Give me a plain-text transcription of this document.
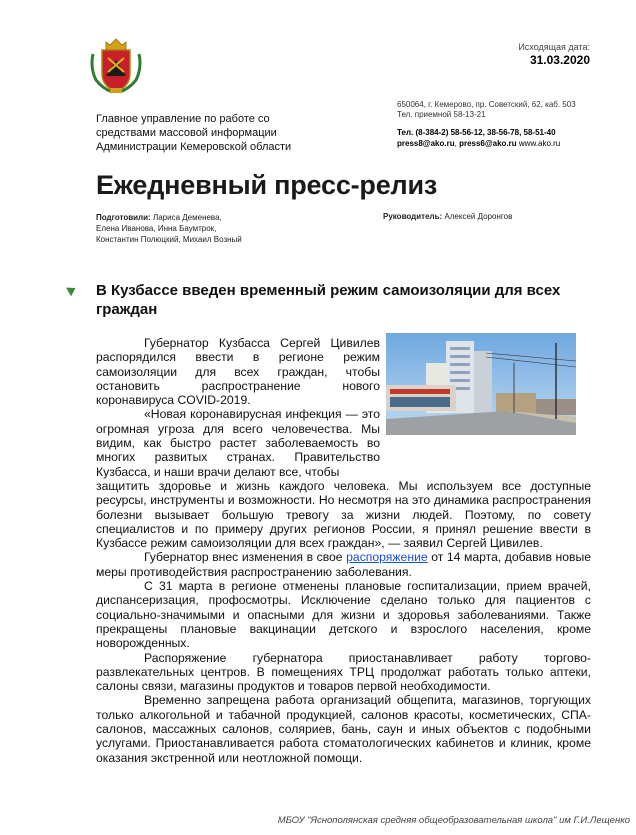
Исходящая дата:
31.03.2020
Главное управление по работе со
средствами массовой информации
Администрации Кемеровской области
650064, г. Кемерово, пр. Советский, 62, каб. 503
Тел. приемной 58-13-21
Тел. (8-384-2) 58-56-12, 38-56-78, 58-51-40
press8@ako.ru, press6@ako.ru www.ako.ru
Ежедневный пресс-релиз
Подготовили: Лариса Деменева,
Елена Иванова, Инна Баумтрок,
Константин Полюцкий, Михаил Возный
Руководитель: Алексей Доронгов
В Кузбассе введен временный режим самоизоляции для всех граждан

Губернатор Кузбасса Сергей Цивилев распорядился ввести в регионе режим самоизоляции для всех граждан, чтобы остановить распространение нового коронавируса COVID-2019.

«Новая коронавирусная инфекция — это огромная угроза для всего человечества. Мы видим, как быстро растет заболеваемость во многих развитых странах. Правительство Кузбасса, и наши врачи делают все, чтобы

защитить здоровье и жизнь каждого человека. Мы используем все доступные ресурсы, инструменты и возможности. Но несмотря на это динамика распространения болезни вызывает большую тревогу за жизни людей. Поэтому, по совету специалистов и по примеру других регионов России, я принял решение ввести в Кузбассе режим самоизоляции для всех граждан», — заявил Сергей Цивилев.

Губернатор внес изменения в свое распоряжение от 14 марта, добавив новые меры противодействия распространению заболевания.

С 31 марта в регионе отменены плановые госпитализации, прием врачей, диспансеризация, профосмотры. Исключение сделано только для пациентов с социально-значимыми и опасными для жизни и здоровья заболеваниями. Также прекращены плановые вакцинации детского и взрослого населения, кроме новорожденных.

Распоряжение губернатора приостанавливает работу торгово-развлекательных центров. В помещениях ТРЦ продолжат работать только аптеки, салоны связи, магазины продуктов и товаров первой необходимости.

Временно запрещена работа организаций общепита, магазинов, торгующих только алкогольной и табачной продукцией, салонов красоты, косметических, СПА-салонов, массажных салонов, соляриев, бань, саун и иных объектов с подобными услугами. Приостанавливается работа стоматологических кабинетов и клиник, кроме оказания экстренной или неотложной помощи.

МБОУ "Яснополянская средняя общеобразовательная школа" им Г.И.Лещенко
